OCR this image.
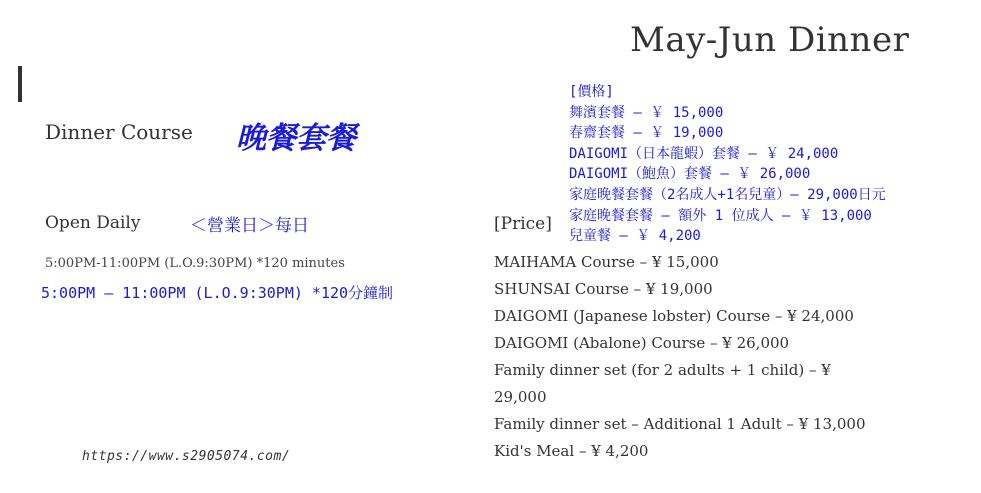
May-Jun Dinner
Dinner Course 晚餐套餐
Open Daily	＜營業日＞每日
5:00PM-11:00PM (L.O.9:30PM) *120 minutes
5:00PM – 11:00PM (L.O.9:30PM) *120分鐘制
https://www.s2905074.com/
[價格]
舞濱套餐 – ￥ 15,000
春齋套餐 – ￥ 19,000
DAIGOMI（日本龍蝦）套餐 – ￥ 24,000
DAIGOMI（鮑魚）套餐 – ￥ 26,000
家庭晚餐套餐（2名成人+1名兒童）– 29,000日元
家庭晚餐套餐 – 額外 1 位成人 – ￥ 13,000
兒童餐 – ￥ 4,200
[Price]
MAIHAMA Course – ¥ 15,000
SHUNSAI Course – ¥ 19,000
DAIGOMI (Japanese lobster) Course – ¥ 24,000
DAIGOMI (Abalone) Course – ¥ 26,000
Family dinner set (for 2 adults + 1 child) – ¥
29,000
Family dinner set – Additional 1 Adult – ¥ 13,000
Kid's Meal – ¥ 4,200
